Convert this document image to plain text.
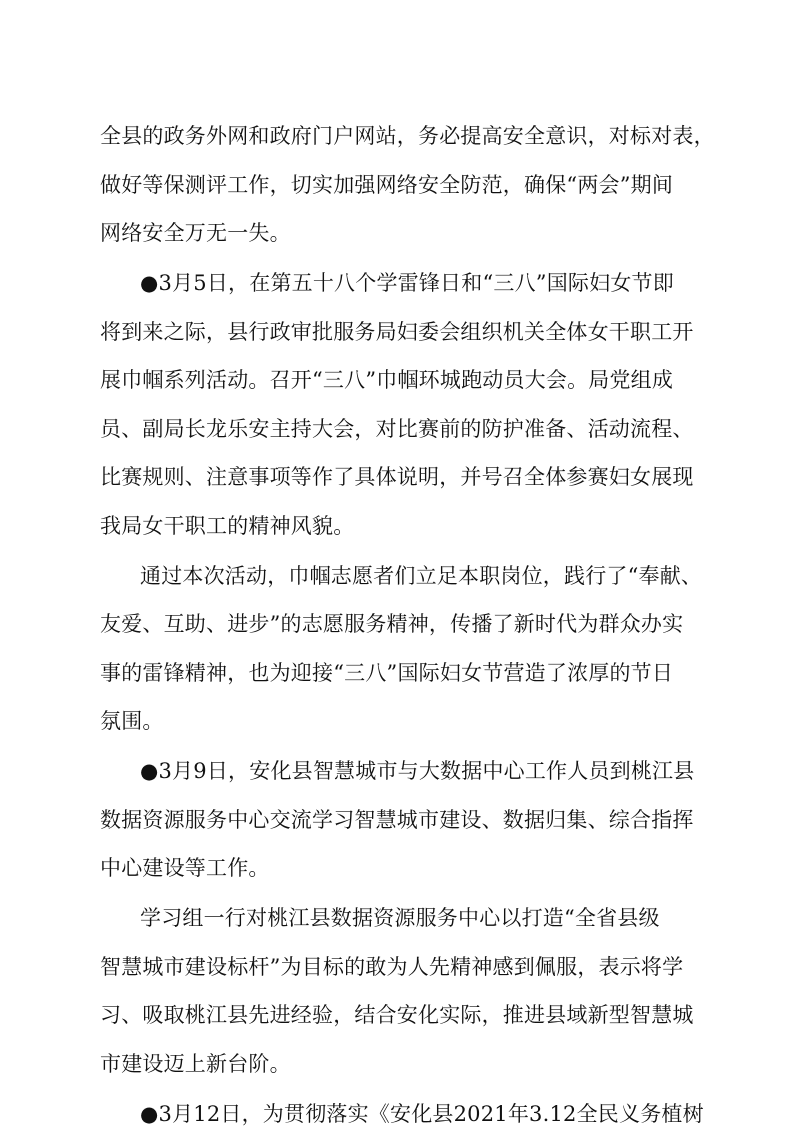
全县的政务外网和政府门户网站，务必提高安全意识，对标对表，
做好等保测评工作，切实加强网络安全防范，确保“两会”期间
网络安全万无一失。

●3月5日，在第五十八个学雷锋日和“三八”国际妇女节即
将到来之际，县行政审批服务局妇委会组织机关全体女干职工开
展巾帼系列活动。召开“三八”巾帼环城跑动员大会。局党组成
员、副局长龙乐安主持大会，对比赛前的防护准备、活动流程、
比赛规则、注意事项等作了具体说明，并号召全体参赛妇女展现
我局女干职工的精神风貌。

通过本次活动，巾帼志愿者们立足本职岗位，践行了“奉献、
友爱、互助、进步”的志愿服务精神，传播了新时代为群众办实
事的雷锋精神，也为迎接“三八”国际妇女节营造了浓厚的节日
氛围。

●3月9日，安化县智慧城市与大数据中心工作人员到桃江县
数据资源服务中心交流学习智慧城市建设、数据归集、综合指挥
中心建设等工作。

学习组一行对桃江县数据资源服务中心以打造“全省县级
智慧城市建设标杆”为目标的敢为人先精神感到佩服，表示将学
习、吸取桃江县先进经验，结合安化实际，推进县域新型智慧城
市建设迈上新台阶。

●3月12日，为贯彻落实《安化县2021年3.12全民义务植树
